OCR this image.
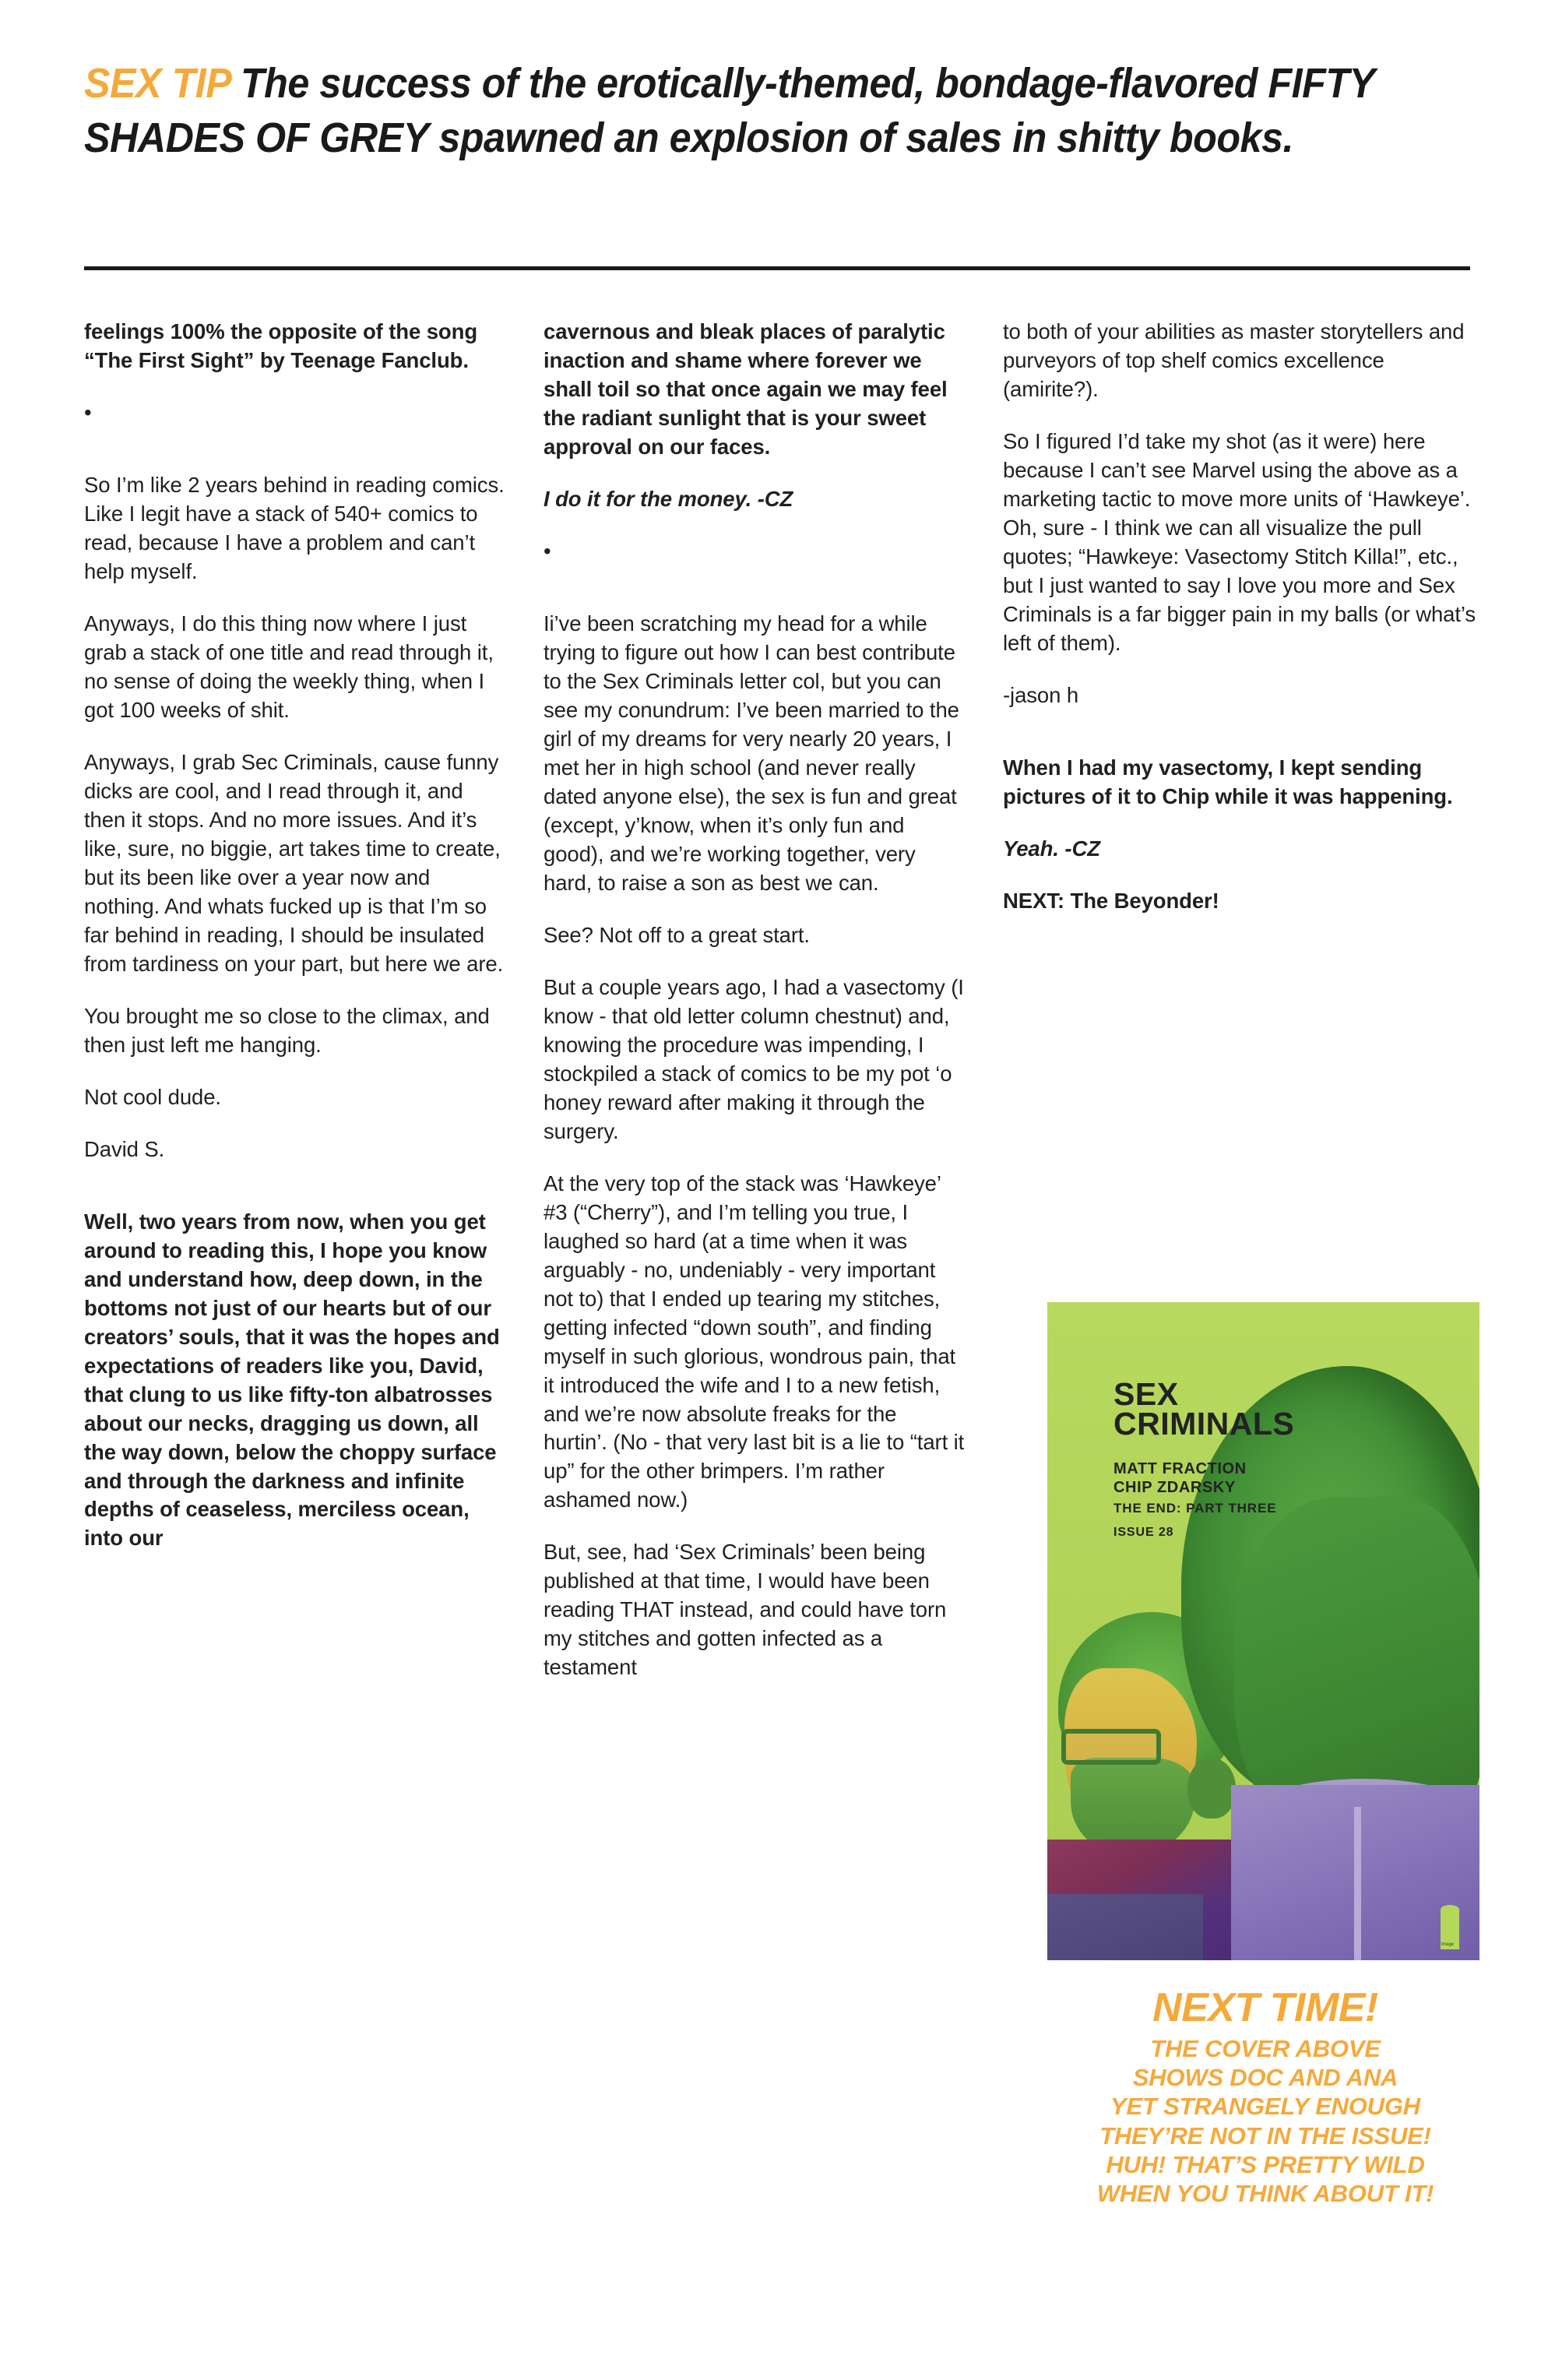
SEX TIP The success of the erotically-themed, bondage-flavored FIFTY SHADES OF GREY spawned an explosion of sales in shitty books.

feelings 100% the opposite of the song “The First Sight” by Teenage Fanclub.

•

So I’m like 2 years behind in reading comics. Like I legit have a stack of 540+ comics to read, because I have a problem and can’t help myself.

Anyways, I do this thing now where I just grab a stack of one title and read through it, no sense of doing the weekly thing, when I got 100 weeks of shit.

Anyways, I grab Sec Criminals, cause funny dicks are cool, and I read through it, and then it stops. And no more issues. And it’s like, sure, no biggie, art takes time to create, but its been like over a year now and nothing. And whats fucked up is that I’m so far behind in reading, I should be insulated from tardiness on your part, but here we are.

You brought me so close to the climax, and then just left me hanging.

Not cool dude.

David S.

Well, two years from now, when you get around to reading this, I hope you know and understand how, deep down, in the bottoms not just of our hearts but of our creators’ souls, that it was the hopes and expectations of readers like you, David, that clung to us like fifty-ton albatrosses about our necks, dragging us down, all the way down, below the choppy surface and through the darkness and infinite depths of ceaseless, merciless ocean, into our

cavernous and bleak places of paralytic inaction and shame where forever we shall toil so that once again we may feel the radiant sunlight that is your sweet approval on our faces.

I do it for the money. -CZ

•

Ii’ve been scratching my head for a while trying to figure out how I can best contribute to the Sex Criminals letter col, but you can see my conundrum: I’ve been married to the girl of my dreams for very nearly 20 years, I met her in high school (and never really dated anyone else), the sex is fun and great (except, y’know, when it’s only fun and good), and we’re working together, very hard, to raise a son as best we can.

See? Not off to a great start.

But a couple years ago, I had a vasectomy (I know - that old letter column chestnut) and, knowing the procedure was impending, I stockpiled a stack of comics to be my pot ‘o honey reward after making it through the surgery.

At the very top of the stack was ‘Hawkeye’ #3 (“Cherry”), and I’m telling you true, I laughed so hard (at a time when it was arguably - no, undeniably - very important not to) that I ended up tearing my stitches, getting infected “down south”, and finding myself in such glorious, wondrous pain, that it introduced the wife and I to a new fetish, and we’re now absolute freaks for the hurtin’. (No - that very last bit is a lie to “tart it up” for the other brimpers. I’m rather ashamed now.)

But, see, had ‘Sex Criminals’ been being published at that time, I would have been reading THAT instead, and could have torn my stitches and gotten infected as a testament

to both of your abilities as master storytellers and purveyors of top shelf comics excellence (amirite?).

So I figured I’d take my shot (as it were) here because I can’t see Marvel using the above as a marketing tactic to move more units of ‘Hawkeye’. Oh, sure - I think we can all visualize the pull quotes; “Hawkeye: Vasectomy Stitch Killa!”, etc., but I just wanted to say I love you more and Sex Criminals is a far bigger pain in my balls (or what’s left of them).

-jason h

When I had my vasectomy, I kept sending pictures of it to Chip while it was happening.

Yeah. -CZ

NEXT: The Beyonder!

SEX
CRIMINALS
MATT FRACTION
CHIP ZDARSKY
THE END: PART THREE
ISSUE 28
image
NEXT TIME!
THE COVER ABOVE
SHOWS DOC AND ANA
YET STRANGELY ENOUGH
THEY’RE NOT IN THE ISSUE!
HUH! THAT’S PRETTY WILD
WHEN YOU THINK ABOUT IT!
